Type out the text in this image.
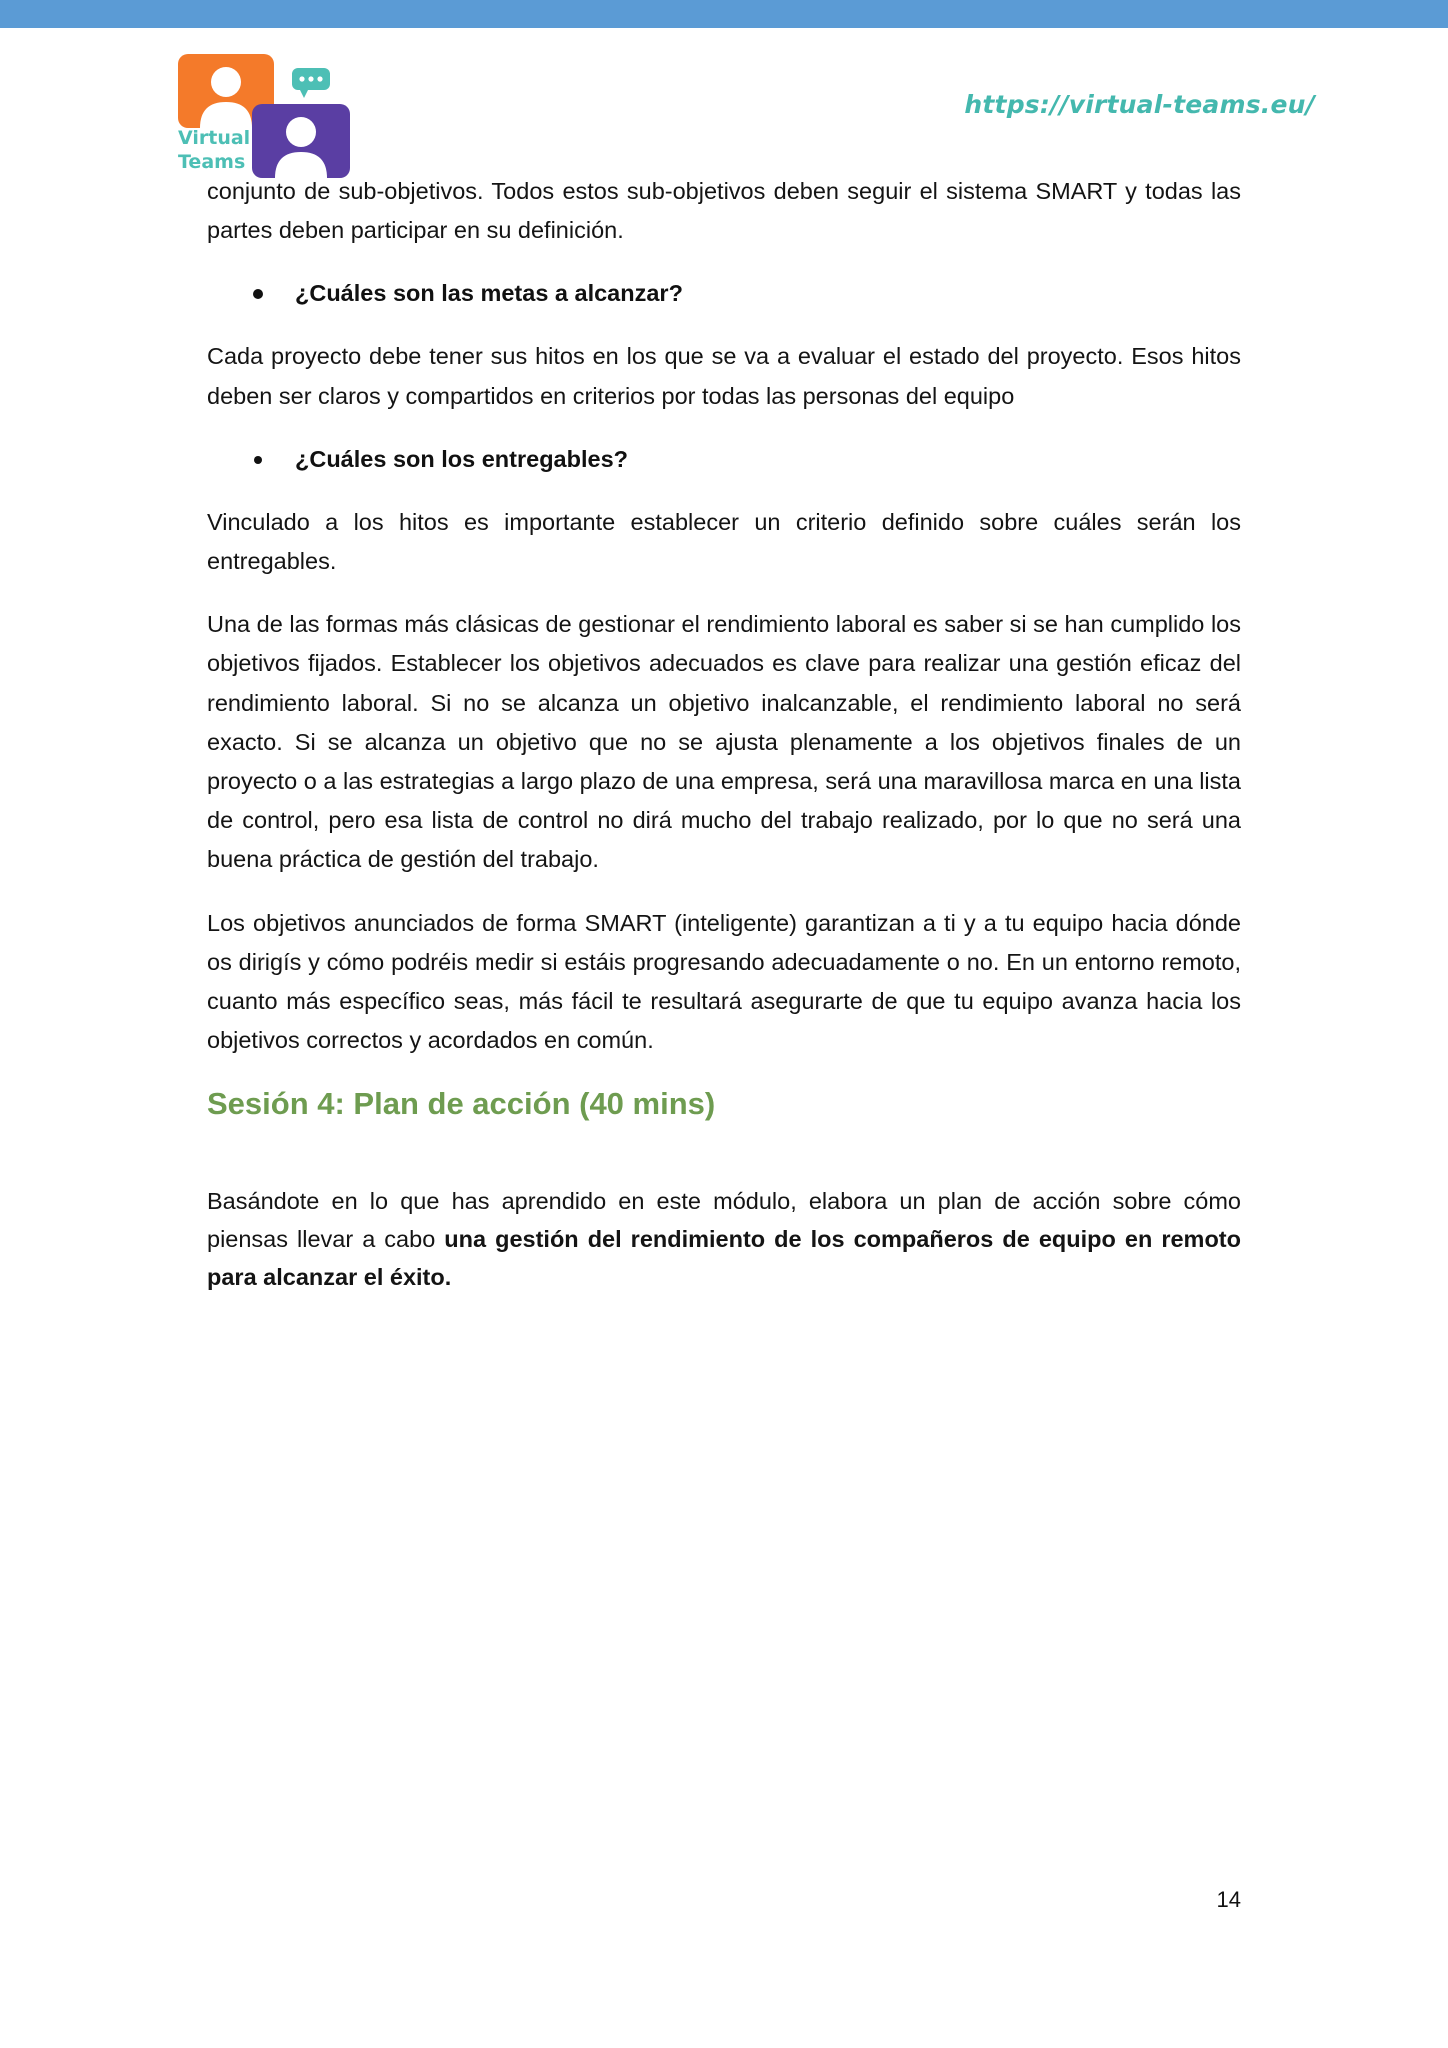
Virtual
Teams
https://virtual-teams.eu/

conjunto de sub-objetivos. Todos estos sub-objetivos deben seguir el sistema SMART y todas las partes deben participar en su definición.

¿Cuáles son las metas a alcanzar?

Cada proyecto debe tener sus hitos en los que se va a evaluar el estado del proyecto. Esos hitos deben ser claros y compartidos en criterios por todas las personas del equipo

¿Cuáles son los entregables?

Vinculado a los hitos es importante establecer un criterio definido sobre cuáles serán los entregables.

Una de las formas más clásicas de gestionar el rendimiento laboral es saber si se han cumplido los objetivos fijados. Establecer los objetivos adecuados es clave para realizar una gestión eficaz del rendimiento laboral. Si no se alcanza un objetivo inalcanzable, el rendimiento laboral no será exacto. Si se alcanza un objetivo que no se ajusta plenamente a los objetivos finales de un proyecto o a las estrategias a largo plazo de una empresa, será una maravillosa marca en una lista de control, pero esa lista de control no dirá mucho del trabajo realizado, por lo que no será una buena práctica de gestión del trabajo.

Los objetivos anunciados de forma SMART (inteligente) garantizan a ti y a tu equipo hacia dónde os dirigís y cómo podréis medir si estáis progresando adecuadamente o no. En un entorno remoto, cuanto más específico seas, más fácil te resultará asegurarte de que tu equipo avanza hacia los objetivos correctos y acordados en común.

Sesión 4: Plan de acción (40 mins)

Basándote en lo que has aprendido en este módulo, elabora un plan de acción sobre cómo piensas llevar a cabo una gestión del rendimiento de los compañeros de equipo en remoto para alcanzar el éxito.

14
